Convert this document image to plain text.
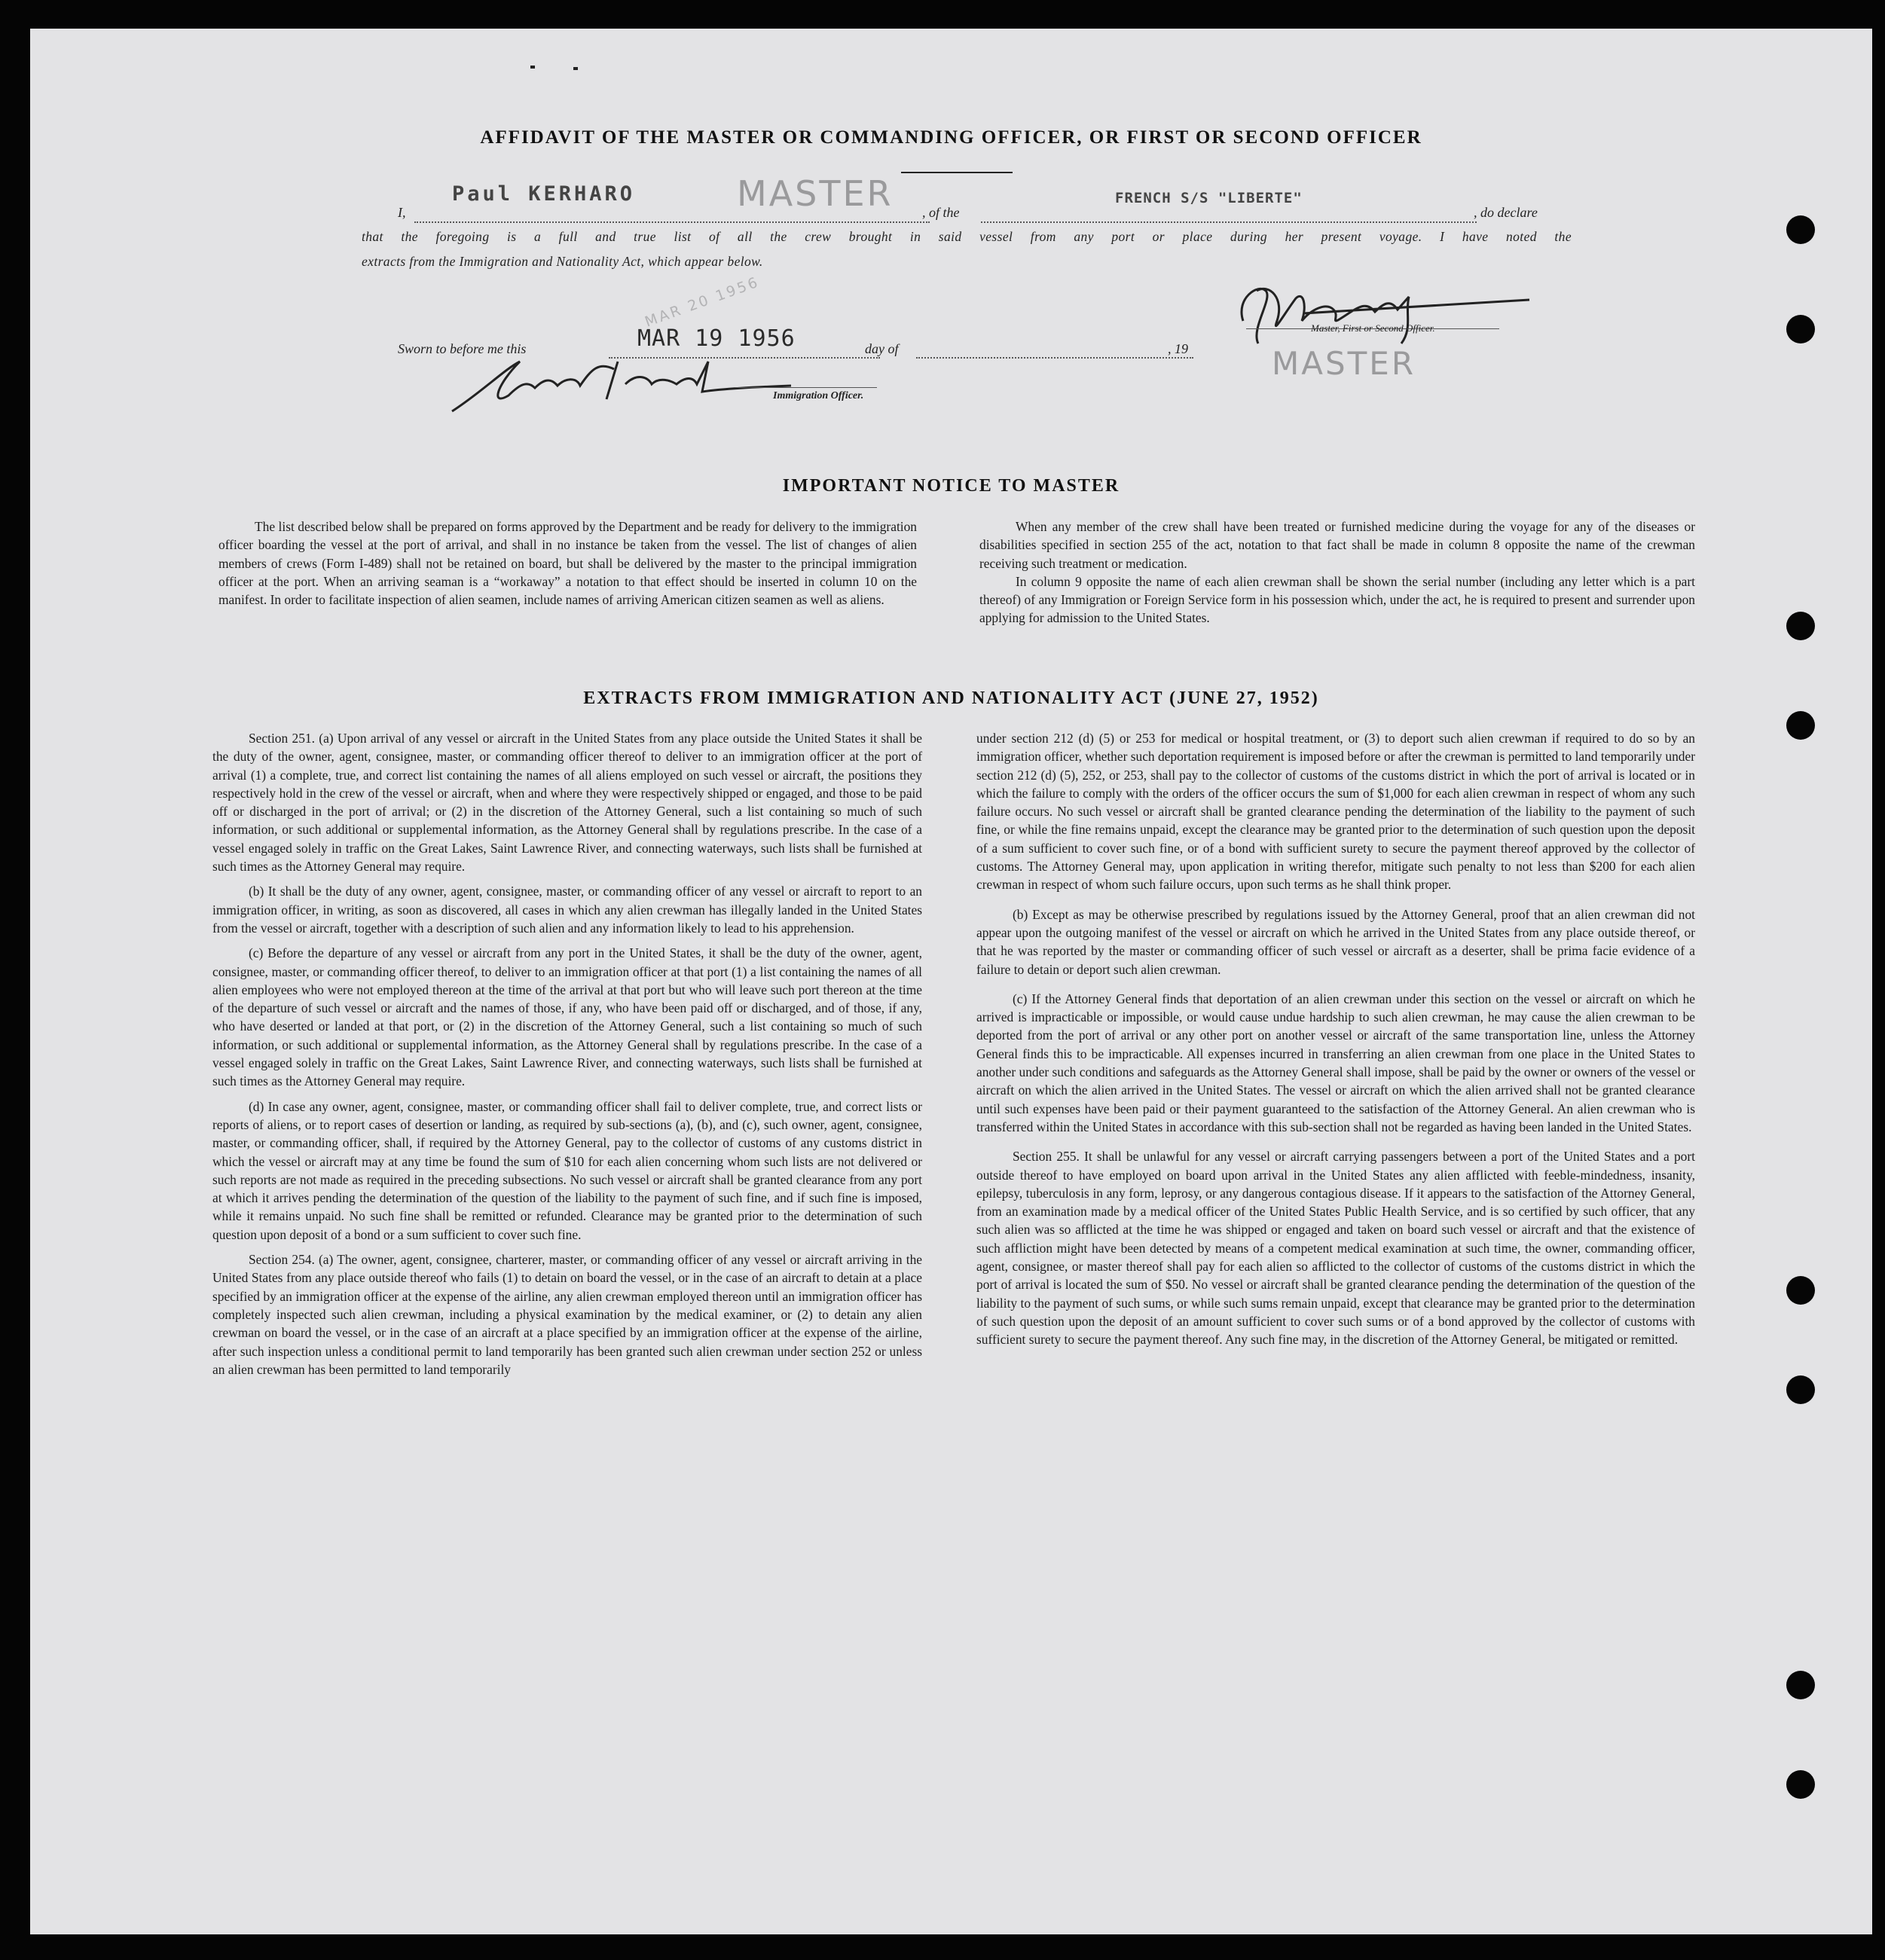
AFFIDAVIT OF THE MASTER OR COMMANDING OFFICER, OR FIRST OR SECOND OFFICER
I,
Paul KERHARO	MASTER , of the
FRENCH S/S "LIBERTE"
, do declare
that the foregoing is a full and true list of all the crew brought in said vessel from any port or place during her present voyage. I have noted the
extracts from the Immigration and Nationality Act, which appear below.
Master, First or Second Officer.
MASTER
Sworn to before me this
MAR 20 1956
MAR 19 1956	day of	, 19
Immigration Officer.
IMPORTANT NOTICE TO MASTER

The list described below shall be prepared on forms approved by the Department and be ready for delivery to the immigration officer boarding the vessel at the port of arrival, and shall in no instance be taken from the vessel. The list of changes of alien members of crews (Form I-489) shall not be retained on board, but shall be delivered by the master to the principal immigration officer at the port. When an arriving seaman is a “workaway” a notation to that effect should be inserted in column 10 on the manifest. In order to facilitate inspection of alien seamen, include names of arriving American citizen seamen as well as aliens.

When any member of the crew shall have been treated or furnished medicine during the voyage for any of the diseases or disabilities specified in section 255 of the act, notation to that fact shall be made in column 8 opposite the name of the crewman receiving such treatment or medication.

In column 9 opposite the name of each alien crewman shall be shown the serial number (including any letter which is a part thereof) of any Immigration or Foreign Service form in his possession which, under the act, he is required to present and surrender upon applying for admission to the United States.

EXTRACTS FROM IMMIGRATION AND NATIONALITY ACT (JUNE 27, 1952)

Section 251. (a) Upon arrival of any vessel or aircraft in the United States from any place outside the United States it shall be the duty of the owner, agent, consignee, master, or commanding officer thereof to deliver to an immigration officer at the port of arrival (1) a complete, true, and correct list containing the names of all aliens employed on such vessel or aircraft, the positions they respectively hold in the crew of the vessel or aircraft, when and where they were respectively shipped or engaged, and those to be paid off or discharged in the port of arrival; or (2) in the discretion of the Attorney General, such a list containing so much of such information, or such additional or supplemental information, as the Attorney General shall by regulations prescribe. In the case of a vessel engaged solely in traffic on the Great Lakes, Saint Lawrence River, and connecting waterways, such lists shall be furnished at such times as the Attorney General may require.

(b) It shall be the duty of any owner, agent, consignee, master, or commanding officer of any vessel or aircraft to report to an immigration officer, in writing, as soon as discovered, all cases in which any alien crewman has illegally landed in the United States from the vessel or aircraft, together with a description of such alien and any information likely to lead to his apprehension.

(c) Before the departure of any vessel or aircraft from any port in the United States, it shall be the duty of the owner, agent, consignee, master, or commanding officer thereof, to deliver to an immigration officer at that port (1) a list containing the names of all alien employees who were not employed thereon at the time of the arrival at that port but who will leave such port thereon at the time of the departure of such vessel or aircraft and the names of those, if any, who have been paid off or discharged, and of those, if any, who have deserted or landed at that port, or (2) in the discretion of the Attorney General, such a list containing so much of such information, or such additional or supplemental information, as the Attorney General shall by regulations prescribe. In the case of a vessel engaged solely in traffic on the Great Lakes, Saint Lawrence River, and connecting waterways, such lists shall be furnished at such times as the Attorney General may require.

(d) In case any owner, agent, consignee, master, or commanding officer shall fail to deliver complete, true, and correct lists or reports of aliens, or to report cases of desertion or landing, as required by sub-sections (a), (b), and (c), such owner, agent, consignee, master, or commanding officer, shall, if required by the Attorney General, pay to the collector of customs of any customs district in which the vessel or aircraft may at any time be found the sum of $10 for each alien concerning whom such lists are not delivered or such reports are not made as required in the preceding subsections. No such vessel or aircraft shall be granted clearance from any port at which it arrives pending the determination of the question of the liability to the payment of such fine, and if such fine is imposed, while it remains unpaid. No such fine shall be remitted or refunded. Clearance may be granted prior to the determination of such question upon deposit of a bond or a sum sufficient to cover such fine.

Section 254. (a) The owner, agent, consignee, charterer, master, or commanding officer of any vessel or aircraft arriving in the United States from any place outside thereof who fails (1) to detain on board the vessel, or in the case of an aircraft to detain at a place specified by an immigration officer at the expense of the airline, any alien crewman employed thereon until an immigration officer has completely inspected such alien crewman, including a physical examination by the medical examiner, or (2) to detain any alien crewman on board the vessel, or in the case of an aircraft at a place specified by an immigration officer at the expense of the airline, after such inspection unless a conditional permit to land temporarily has been granted such alien crewman under section 252 or unless an alien crewman has been permitted to land temporarily

under section 212 (d) (5) or 253 for medical or hospital treatment, or (3) to deport such alien crewman if required to do so by an immigration officer, whether such deportation requirement is imposed before or after the crewman is permitted to land temporarily under section 212 (d) (5), 252, or 253, shall pay to the collector of customs of the customs district in which the port of arrival is located or in which the failure to comply with the orders of the officer occurs the sum of $1,000 for each alien crewman in respect of whom any such failure occurs. No such vessel or aircraft shall be granted clearance pending the determination of the liability to the payment of such fine, or while the fine remains unpaid, except the clearance may be granted prior to the determination of such question upon the deposit of a sum sufficient to cover such fine, or of a bond with sufficient surety to secure the payment thereof approved by the collector of customs. The Attorney General may, upon application in writing therefor, mitigate such penalty to not less than $200 for each alien crewman in respect of whom such failure occurs, upon such terms as he shall think proper.

(b) Except as may be otherwise prescribed by regulations issued by the Attorney General, proof that an alien crewman did not appear upon the outgoing manifest of the vessel or aircraft on which he arrived in the United States from any place outside thereof, or that he was reported by the master or commanding officer of such vessel or aircraft as a deserter, shall be prima facie evidence of a failure to detain or deport such alien crewman.

(c) If the Attorney General finds that deportation of an alien crewman under this section on the vessel or aircraft on which he arrived is impracticable or impossible, or would cause undue hardship to such alien crewman, he may cause the alien crewman to be deported from the port of arrival or any other port on another vessel or aircraft of the same transportation line, unless the Attorney General finds this to be impracticable. All expenses incurred in transferring an alien crewman from one place in the United States to another under such conditions and safeguards as the Attorney General shall impose, shall be paid by the owner or owners of the vessel or aircraft on which the alien arrived in the United States. The vessel or aircraft on which the alien arrived shall not be granted clearance until such expenses have been paid or their payment guaranteed to the satisfaction of the Attorney General. An alien crewman who is transferred within the United States in accordance with this sub-section shall not be regarded as having been landed in the United States.

Section 255. It shall be unlawful for any vessel or aircraft carrying passengers between a port of the United States and a port outside thereof to have employed on board upon arrival in the United States any alien afflicted with feeble-mindedness, insanity, epilepsy, tuberculosis in any form, leprosy, or any dangerous contagious disease. If it appears to the satisfaction of the Attorney General, from an examination made by a medical officer of the United States Public Health Service, and is so certified by such officer, that any such alien was so afflicted at the time he was shipped or engaged and taken on board such vessel or aircraft and that the existence of such affliction might have been detected by means of a competent medical examination at such time, the owner, commanding officer, agent, consignee, or master thereof shall pay for each alien so afflicted to the collector of customs of the customs district in which the port of arrival is located the sum of $50. No vessel or aircraft shall be granted clearance pending the determination of the question of the liability to the payment of such sums, or while such sums remain unpaid, except that clearance may be granted prior to the determination of such question upon the deposit of an amount sufficient to cover such sums or of a bond approved by the collector of customs with sufficient surety to secure the payment thereof. Any such fine may, in the discretion of the Attorney General, be mitigated or remitted.
